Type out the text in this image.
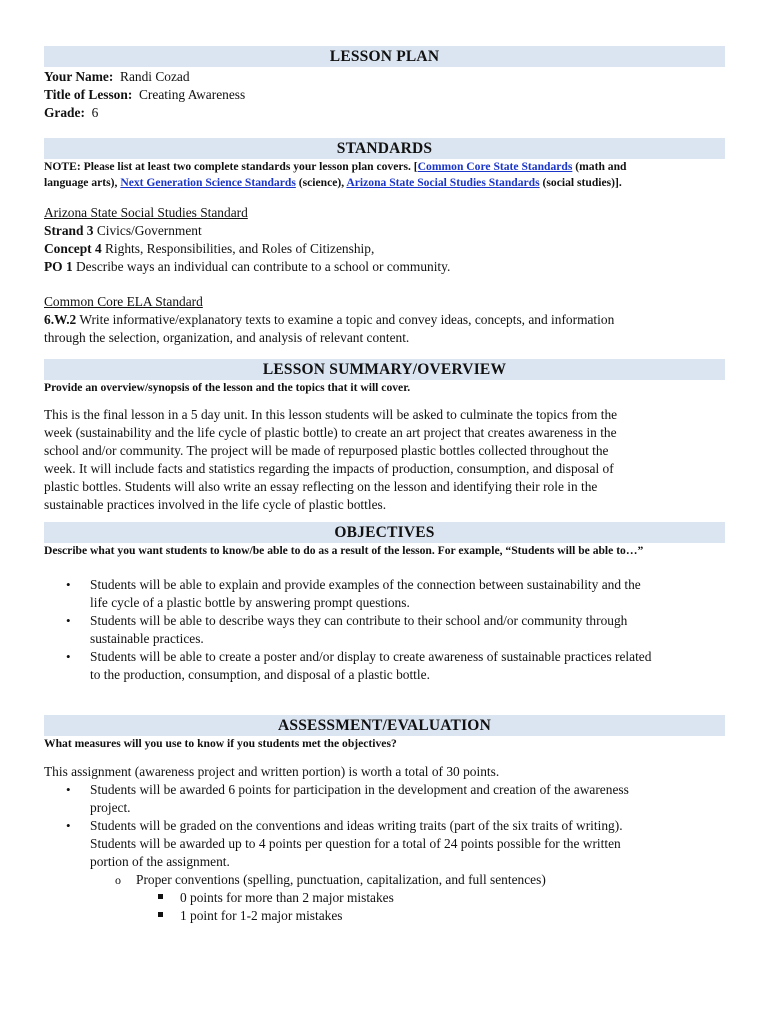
LESSON PLAN
Your Name: Randi Cozad
Title of Lesson: Creating Awareness
Grade: 6
STANDARDS
NOTE: Please list at least two complete standards your lesson plan covers. [Common Core State Standards (math and
language arts), Next Generation Science Standards (science), Arizona State Social Studies Standards (social studies)].
Arizona State Social Studies Standard
Strand 3 Civics/Government
Concept 4 Rights, Responsibilities, and Roles of Citizenship,
PO 1 Describe ways an individual can contribute to a school or community.
Common Core ELA Standard
6.W.2 Write informative/explanatory texts to examine a topic and convey ideas, concepts, and information
through the selection, organization, and analysis of relevant content.
LESSON SUMMARY/OVERVIEW
Provide an overview/synopsis of the lesson and the topics that it will cover.
This is the final lesson in a 5 day unit. In this lesson students will be asked to culminate the topics from the
week (sustainability and the life cycle of plastic bottle) to create an art project that creates awareness in the
school and/or community. The project will be made of repurposed plastic bottles collected throughout the
week. It will include facts and statistics regarding the impacts of production, consumption, and disposal of
plastic bottles. Students will also write an essay reflecting on the lesson and identifying their role in the
sustainable practices involved in the life cycle of plastic bottles.
OBJECTIVES
Describe what you want students to know/be able to do as a result of the lesson. For example, “Students will be able to…”
• Students will be able to explain and provide examples of the connection between sustainability and the
life cycle of a plastic bottle by answering prompt questions.
• Students will be able to describe ways they can contribute to their school and/or community through
sustainable practices.
• Students will be able to create a poster and/or display to create awareness of sustainable practices related
to the production, consumption, and disposal of a plastic bottle.
ASSESSMENT/EVALUATION
What measures will you use to know if you students met the objectives?
This assignment (awareness project and written portion) is worth a total of 30 points.
• Students will be awarded 6 points for participation in the development and creation of the awareness
project.
• Students will be graded on the conventions and ideas writing traits (part of the six traits of writing).
Students will be awarded up to 4 points per question for a total of 24 points possible for the written
portion of the assignment.
o Proper conventions (spelling, punctuation, capitalization, and full sentences)
0 points for more than 2 major mistakes
1 point for 1-2 major mistakes
